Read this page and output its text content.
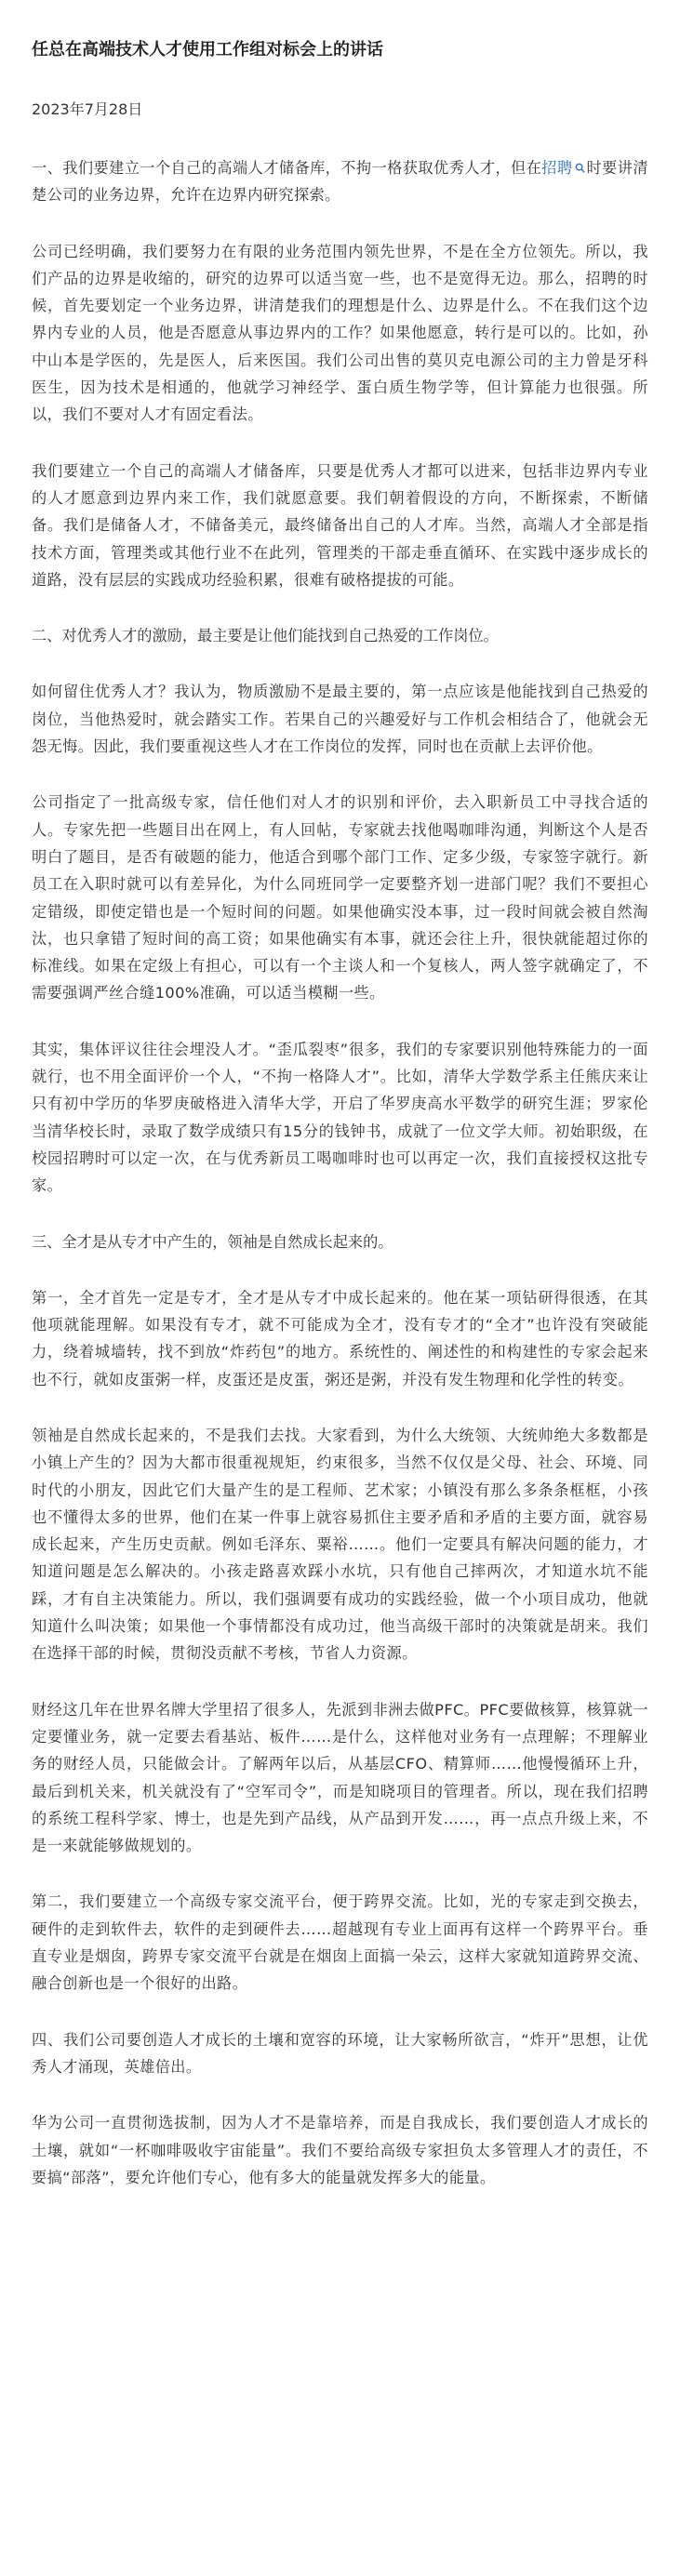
任总在高端技术人才使用工作组对标会上的讲话
2023年7月28日

一、我们要建立一个自己的高端人才储备库，不拘一格获取优秀人才，但在招聘 时要讲清楚公司的业务边界，允许在边界内研究探索。

公司已经明确，我们要努力在有限的业务范围内领先世界，不是在全方位领先。所以，我们产品的边界是收缩的，研究的边界可以适当宽一些，也不是宽得无边。那么，招聘的时候，首先要划定一个业务边界，讲清楚我们的理想是什么、边界是什么。不在我们这个边界内专业的人员，他是否愿意从事边界内的工作？如果他愿意，转行是可以的。比如，孙中山本是学医的，先是医人，后来医国。我们公司出售的莫贝克电源公司的主力曾是牙科医生，因为技术是相通的，他就学习神经学、蛋白质生物学等，但计算能力也很强。所以，我们不要对人才有固定看法。

我们要建立一个自己的高端人才储备库，只要是优秀人才都可以进来，包括非边界内专业的人才愿意到边界内来工作，我们就愿意要。我们朝着假设的方向，不断探索，不断储备。我们是储备人才，不储备美元，最终储备出自己的人才库。当然，高端人才全部是指技术方面，管理类或其他行业不在此列，管理类的干部走垂直循环、在实践中逐步成长的道路，没有层层的实践成功经验积累，很难有破格提拔的可能。

二、对优秀人才的激励，最主要是让他们能找到自己热爱的工作岗位。

如何留住优秀人才？我认为，物质激励不是最主要的，第一点应该是他能找到自己热爱的岗位，当他热爱时，就会踏实工作。若果自己的兴趣爱好与工作机会相结合了，他就会无怨无悔。因此，我们要重视这些人才在工作岗位的发挥，同时也在贡献上去评价他。

公司指定了一批高级专家，信任他们对人才的识别和评价，去入职新员工中寻找合适的人。专家先把一些题目出在网上，有人回帖，专家就去找他喝咖啡沟通，判断这个人是否明白了题目，是否有破题的能力，他适合到哪个部门工作、定多少级，专家签字就行。新员工在入职时就可以有差异化，为什么同班同学一定要整齐划一进部门呢？我们不要担心定错级，即使定错也是一个短时间的问题。如果他确实没本事，过一段时间就会被自然淘汰，也只拿错了短时间的高工资；如果他确实有本事，就还会往上升，很快就能超过你的标准线。如果在定级上有担心，可以有一个主谈人和一个复核人，两人签字就确定了，不需要强调严丝合缝100%准确，可以适当模糊一些。

其实，集体评议往往会埋没人才。“歪瓜裂枣”很多，我们的专家要识别他特殊能力的一面就行，也不用全面评价一个人，“不拘一格降人才”。比如，清华大学数学系主任熊庆来让只有初中学历的华罗庚破格进入清华大学，开启了华罗庚高水平数学的研究生涯；罗家伦当清华校长时，录取了数学成绩只有15分的钱钟书，成就了一位文学大师。初始职级，在校园招聘时可以定一次，在与优秀新员工喝咖啡时也可以再定一次，我们直接授权这批专家。

三、全才是从专才中产生的，领袖是自然成长起来的。

第一，全才首先一定是专才，全才是从专才中成长起来的。他在某一项钻研得很透，在其他项就能理解。如果没有专才，就不可能成为全才，没有专才的“全才”也许没有突破能力，绕着城墙转，找不到放“炸药包”的地方。系统性的、阐述性的和构建性的专家会起来也不行，就如皮蛋粥一样，皮蛋还是皮蛋，粥还是粥，并没有发生物理和化学性的转变。

领袖是自然成长起来的，不是我们去找。大家看到，为什么大统领、大统帅绝大多数都是小镇上产生的？因为大都市很重视规矩，约束很多，当然不仅仅是父母、社会、环境、同时代的小朋友，因此它们大量产生的是工程师、艺术家；小镇没有那么多条条框框，小孩也不懂得太多的世界，他们在某一件事上就容易抓住主要矛盾和矛盾的主要方面，就容易成长起来，产生历史贡献。例如毛泽东、粟裕……。他们一定要具有解决问题的能力，才知道问题是怎么解决的。小孩走路喜欢踩小水坑，只有他自己摔两次，才知道水坑不能踩，才有自主决策能力。所以，我们强调要有成功的实践经验，做一个小项目成功，他就知道什么叫决策；如果他一个事情都没有成功过，他当高级干部时的决策就是胡来。我们在选择干部的时候，贯彻没贡献不考核，节省人力资源。

财经这几年在世界名牌大学里招了很多人，先派到非洲去做PFC。PFC要做核算，核算就一定要懂业务，就一定要去看基站、板件……是什么，这样他对业务有一点理解；不理解业务的财经人员，只能做会计。了解两年以后，从基层CFO、精算师……他慢慢循环上升，最后到机关来，机关就没有了“空军司令”，而是知晓项目的管理者。所以，现在我们招聘的系统工程科学家、博士，也是先到产品线，从产品到开发……，再一点点升级上来，不是一来就能够做规划的。

第二，我们要建立一个高级专家交流平台，便于跨界交流。比如，光的专家走到交换去，硬件的走到软件去，软件的走到硬件去……超越现有专业上面再有这样一个跨界平台。垂直专业是烟囱，跨界专家交流平台就是在烟囱上面搞一朵云，这样大家就知道跨界交流、融合创新也是一个很好的出路。

四、我们公司要创造人才成长的土壤和宽容的环境，让大家畅所欲言，“炸开”思想，让优秀人才涌现，英雄倍出。

华为公司一直贯彻选拔制，因为人才不是靠培养，而是自我成长，我们要创造人才成长的土壤，就如“一杯咖啡吸收宇宙能量”。我们不要给高级专家担负太多管理人才的责任，不要搞“部落”，要允许他们专心，他有多大的能量就发挥多大的能量。
